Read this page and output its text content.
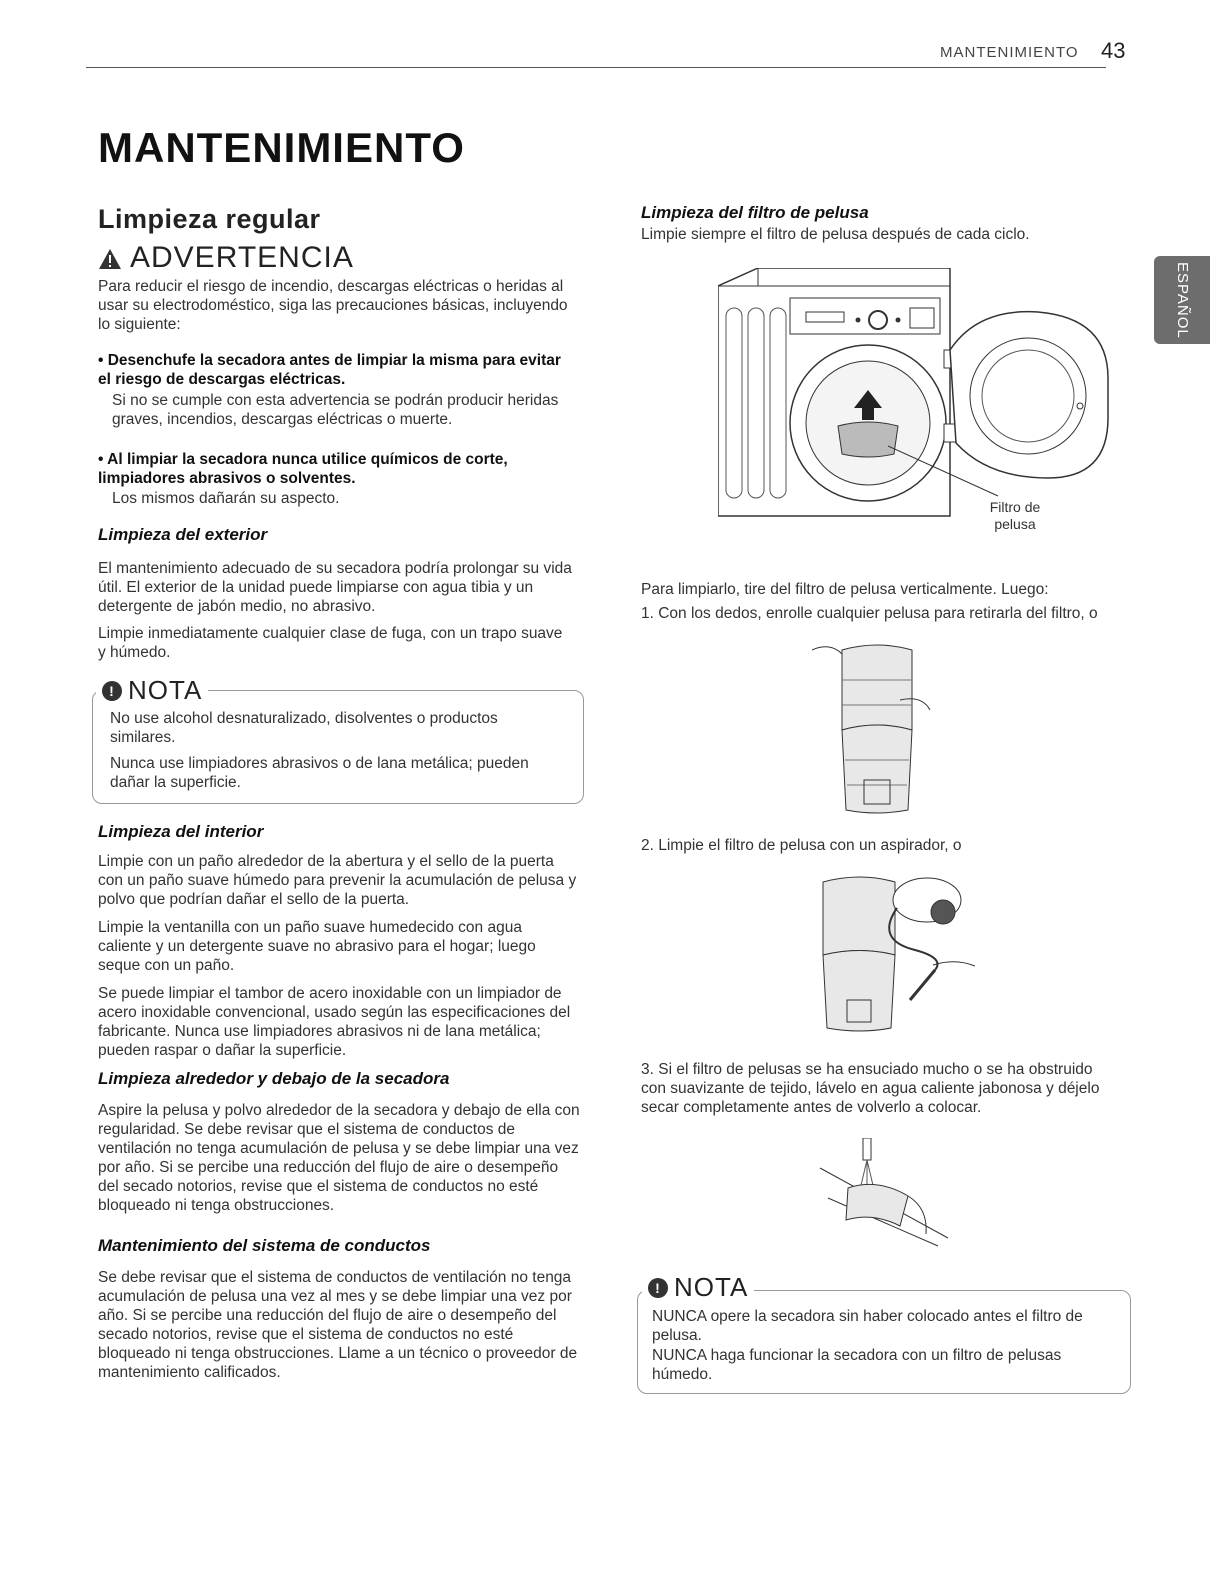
MANTENIMIENTO 43
ESPAÑOL
MANTENIMIENTO
Limpieza regular
ADVERTENCIA
Para reducir el riesgo de incendio, descargas eléctricas o heridas al usar su electrodoméstico, siga las precauciones básicas, incluyendo lo siguiente:
• Desenchufe la secadora antes de limpiar la misma para evitar el riesgo de descargas eléctricas.
Si no se cumple con esta advertencia se podrán producir heridas graves, incendios, descargas eléctricas o muerte.
• Al limpiar la secadora nunca utilice químicos de corte, limpiadores abrasivos o solventes.
Los mismos dañarán su aspecto.
Limpieza del exterior
El mantenimiento adecuado de su secadora podría prolongar su vida útil. El exterior de la unidad puede limpiarse con agua tibia y un detergente de jabón medio, no abrasivo.
Limpie inmediatamente cualquier clase de fuga, con un trapo suave y húmedo.
! NOTA
No use alcohol desnaturalizado, disolventes o productos similares.
Nunca use limpiadores abrasivos o de lana metálica; pueden dañar la superficie.
Limpieza del interior
Limpie con un paño alrededor de la abertura y el sello de la puerta con un paño suave húmedo para prevenir la acumulación de pelusa y polvo que podrían dañar el sello de la puerta.
Limpie la ventanilla con un paño suave humedecido con agua caliente y un detergente suave no abrasivo para el hogar; luego seque con un paño.
Se puede limpiar el tambor de acero inoxidable con un limpiador de acero inoxidable convencional, usado según las especificaciones del fabricante. Nunca use limpiadores abrasivos ni de lana metálica; pueden raspar o dañar la superficie.
Limpieza alrededor y debajo de la secadora
Aspire la pelusa y polvo alrededor de la secadora y debajo de ella con regularidad. Se debe revisar que el sistema de conductos de ventilación no tenga acumulación de pelusa y se debe limpiar una vez por año. Si se percibe una reducción del flujo de aire o desempeño del secado notorios, revise que el sistema de conductos no esté bloqueado ni tenga obstrucciones.
Mantenimiento del sistema de conductos
Se debe revisar que el sistema de conductos de ventilación no tenga acumulación de pelusa una vez al mes y se debe limpiar una vez por año. Si se percibe una reducción del flujo de aire o desempeño del secado notorios, revise que el sistema de conductos no esté bloqueado ni tenga obstrucciones. Llame a un técnico o proveedor de mantenimiento calificados.
Limpieza del filtro de pelusa
Limpie siempre el filtro de pelusa después de cada ciclo.
Filtro de pelusa
Para limpiarlo, tire del filtro de pelusa verticalmente. Luego:
1. Con los dedos, enrolle cualquier pelusa para retirarla del filtro, o
2. Limpie el filtro de pelusa con un aspirador, o
3. Si el filtro de pelusas se ha ensuciado mucho o se ha obstruido con suavizante de tejido, lávelo en agua caliente jabonosa y déjelo secar completamente antes de volverlo a colocar.
! NOTA
NUNCA opere la secadora sin haber colocado antes el filtro de pelusa.
NUNCA haga funcionar la secadora con un filtro de pelusas húmedo.
